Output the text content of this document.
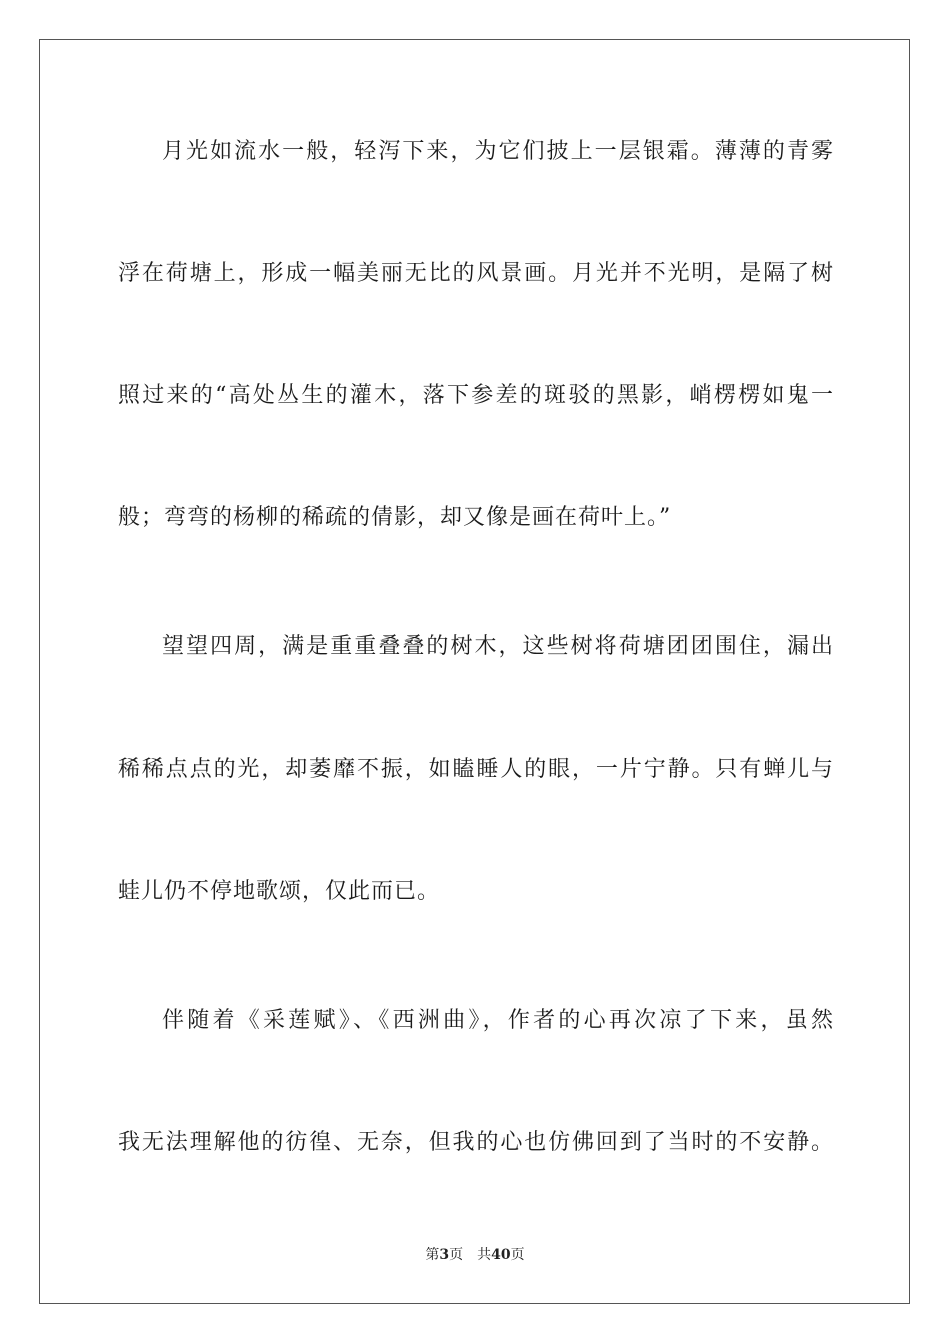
月光如流水一般，轻泻下来，为它们披上一层银霜。薄薄的青雾
浮在荷塘上，形成一幅美丽无比的风景画。月光并不光明，是隔了树
照过来的“高处丛生的灌木，落下参差的斑驳的黑影，峭楞楞如鬼一
般；弯弯的杨柳的稀疏的倩影，却又像是画在荷叶上。”
望望四周，满是重重叠叠的树木，这些树将荷塘团团围住，漏出
稀稀点点的光，却萎靡不振，如瞌睡人的眼，一片宁静。只有蝉儿与
蛙儿仍不停地歌颂，仅此而已。
伴随着《采莲赋》、《西洲曲》，作者的心再次凉了下来，虽然
我无法理解他的彷徨、无奈，但我的心也仿佛回到了当时的不安静。
第3页 共40页
